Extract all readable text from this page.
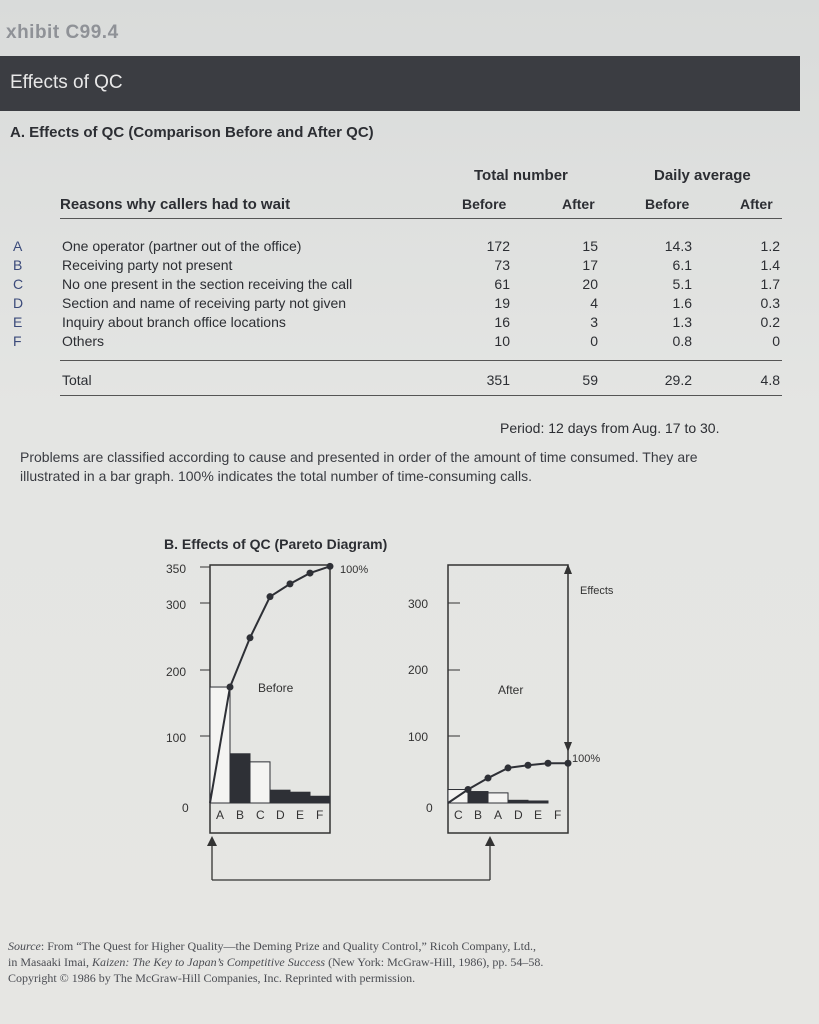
xhibit C99.4
Effects of QC
A. Effects of QC (Comparison Before and After QC)
Total number	Daily average
Reasons why callers had to wait	Before	After	Before	After
A	One operator (partner out of the office)	172	15	14.3	1.2
B	Receiving party not present	73	17	6.1	1.4
C	No one present in the section receiving the call	61	20	5.1	1.7
D	Section and name of receiving party not given	19	4	1.6	0.3
E	Inquiry about branch office locations	16	3	1.3	0.2
F	Others	10	0	0.8	0
Total	351	59	29.2	4.8
Period: 12 days from Aug. 17 to 30.
Problems are classified according to cause and presented in order of the amount of time consumed. They are illustrated in a bar graph. 100% indicates the total number of time-consuming calls.
B. Effects of QC (Pareto Diagram)
350
300
200
100
0
100%
Before
300
200
100
0
After
Effects
100%
A B C D E F	C B A D E F
Source: From “The Quest for Higher Quality—the Deming Prize and Quality Control,” Ricoh Company, Ltd.,
in Masaaki Imai, Kaizen: The Key to Japan’s Competitive Success (New York: McGraw-Hill, 1986), pp. 54–58.
Copyright © 1986 by The McGraw-Hill Companies, Inc. Reprinted with permission.
